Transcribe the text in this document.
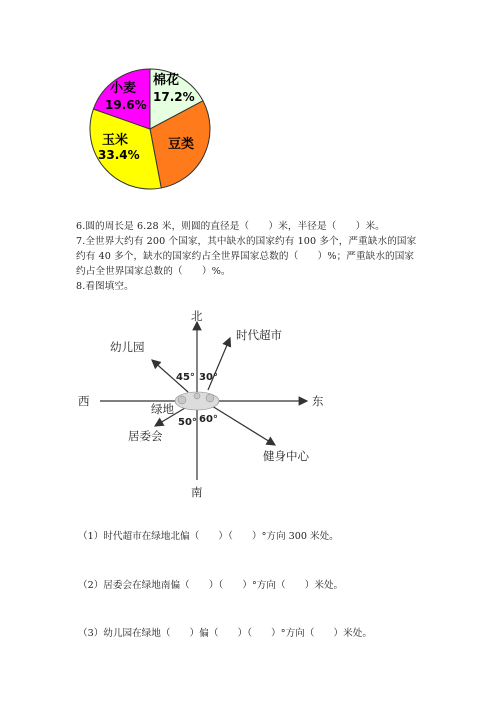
棉花
17.2%
豆类
玉米
33.4%
小麦
19.6%
6.圆的周长是 6.28 米，则圆的直径是（　　）米，半径是（　　）米。
7.全世界大约有 200 个国家，其中缺水的国家约有 100 多个，严重缺水的国家
约有 40 多个，缺水的国家约占全世界国家总数的（　　）%；严重缺水的国家
约占全世界国家总数的（　　）%。
8.看图填空。
北
南
东
西
绿地
幼儿园
时代超市
居委会
健身中心
45° 30°
50° 60°
（1）时代超市在绿地北偏（　　）（　　）°方向 300 米处。
（2）居委会在绿地南偏（　　）（　　）°方向（　　）米处。
（3）幼儿园在绿地（　　）偏（　　）（　　）°方向（　　）米处。
